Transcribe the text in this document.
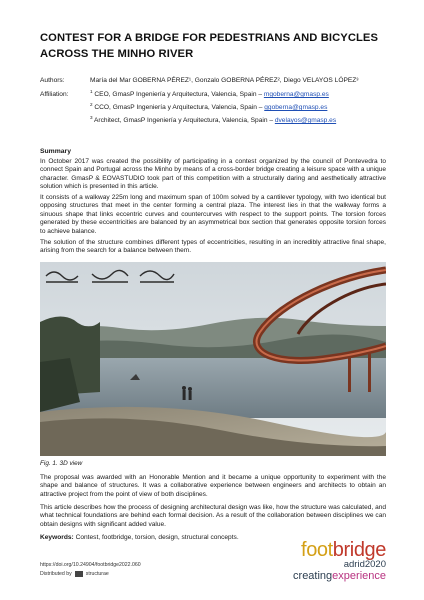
CONTEST FOR A BRIDGE FOR PEDESTRIANS AND BICYCLES ACROSS THE MINHO RIVER
Authors:	María del Mar GOBERNA PÉREZ¹, Gonzalo GOBERNA PÉREZ², Diego VELAYOS LÓPEZ³
Affiliation:	$^1$ CEO, GmasP Ingeniería y Arquitectura, Valencia, Spain – mgoberna@gmasp.es
$^2$ CCO, GmasP Ingeniería y Arquitectura, Valencia, Spain – ggoberna@gmasp.es
$^3$ Architect, GmasP Ingeniería y Arquitectura, Valencia, Spain – dvelayos@gmasp.es
Summary
In October 2017 was created the possibility of participating in a contest organized by the council of Pontevedra to connect Spain and Portugal across the Minho by means of a cross-border bridge creating a leisure space with a unique character. GmasP & EOVASTUDIO took part of this competition with a structurally daring and aesthetically attractive solution which is presented in this article.
It consists of a walkway 225m long and maximum span of 100m solved by a cantilever typology, with two identical but opposing structures that meet in the center forming a central plaza. The interest lies in that the walkway forms a sinuous shape that links eccentric curves and countercurves with respect to the support points. The torsion forces generated by these eccentricities are balanced by an asymmetrical box section that generates opposite torsion forces to achieve balance.
The solution of the structure combines different types of eccentricities, resulting in an incredibly attractive final shape, arising from the search for a balance between them.
Fig. 1. 3D view
The proposal was awarded with an Honorable Mention and it became a unique opportunity to experiment with the shape and balance of structures. It was a collaborative experience between engineers and architects to obtain an attractive project from the point of view of both disciplines.
This article describes how the process of designing architectural design was like, how the structure was calculated, and what technical foundations are behind each formal decision. As a result of the collaboration between disciplines we can obtain designs with significant added value.
Keywords: Contest, footbridge, torsion, design, structural concepts.
https://doi.org/10.24904/footbridge2022.060
Distributed by	structurae
footbridge
adrid2020
creatingexperience
